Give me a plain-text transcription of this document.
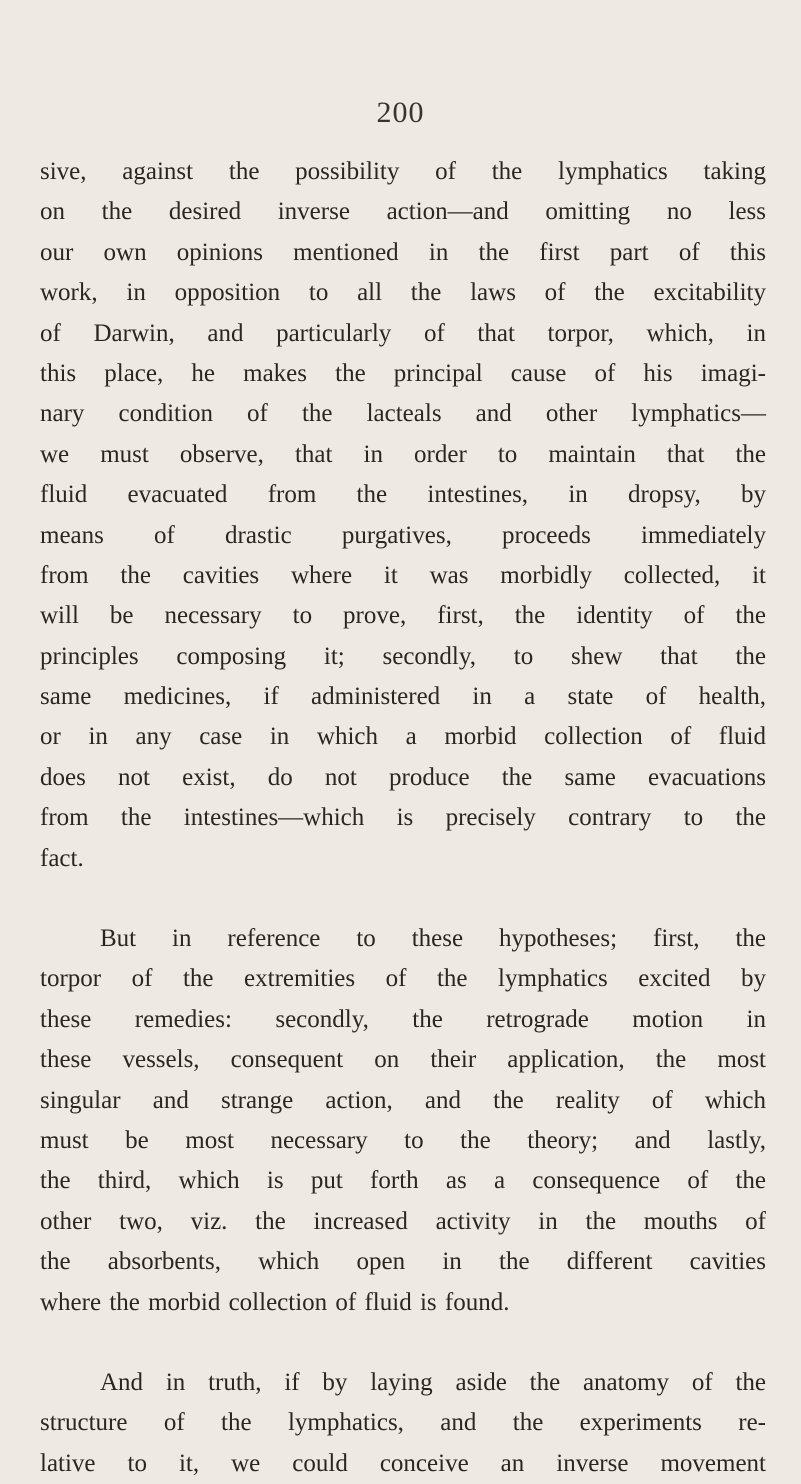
200
sive, against the possibility of the lymphatics taking
on the desired inverse action—and omitting no less
our own opinions mentioned in the first part of this
work, in opposition to all the laws of the excitability
of Darwin, and particularly of that torpor, which, in
this place, he makes the principal cause of his imagi-
nary condition of the lacteals and other lymphatics—
we must observe, that in order to maintain that the
fluid evacuated from the intestines, in dropsy, by
means of drastic purgatives, proceeds immediately
from the cavities where it was morbidly collected, it
will be necessary to prove, first, the identity of the
principles composing it; secondly, to shew that the
same medicines, if administered in a state of health,
or in any case in which a morbid collection of fluid
does not exist, do not produce the same evacuations
from the intestines—which is precisely contrary to the
fact.
But in reference to these hypotheses; first, the
torpor of the extremities of the lymphatics excited by
these remedies: secondly, the retrograde motion in
these vessels, consequent on their application, the most
singular and strange action, and the reality of which
must be most necessary to the theory; and lastly,
the third, which is put forth as a consequence of the
other two, viz. the increased activity in the mouths of
the absorbents, which open in the different cavities
where the morbid collection of fluid is found.
And in truth, if by laying aside the anatomy of the
structure of the lymphatics, and the experiments re-
lative to it, we could conceive an inverse movement
